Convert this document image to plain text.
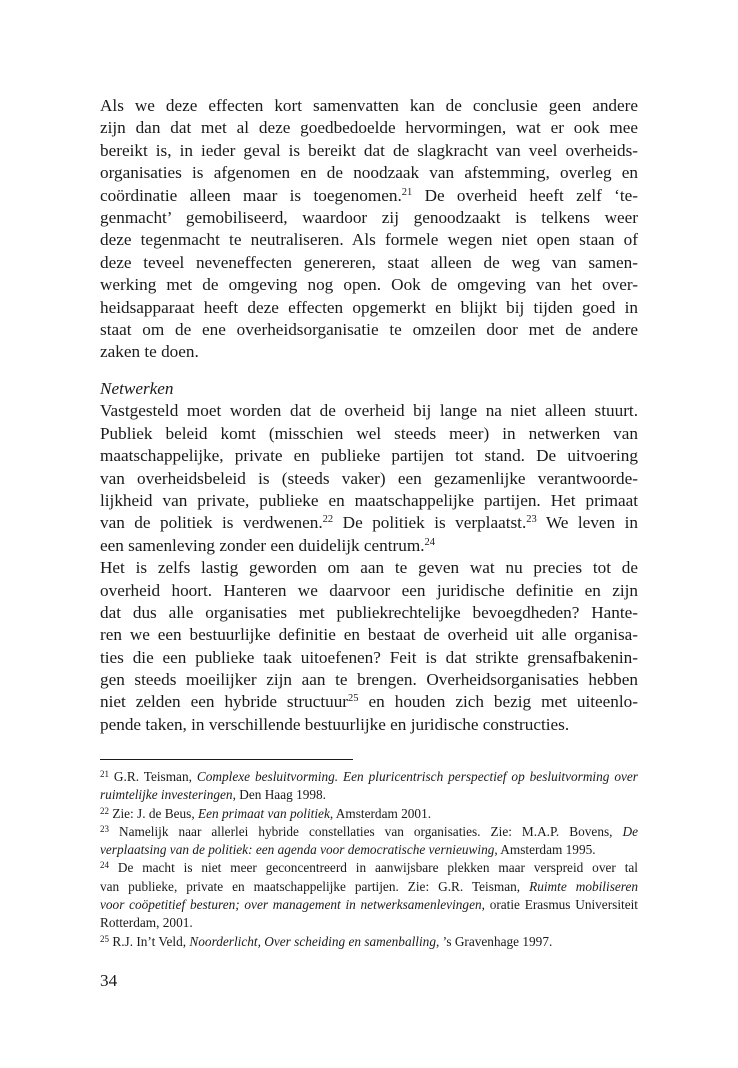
Als we deze effecten kort samenvatten kan de conclusie geen andere
zijn dan dat met al deze goedbedoelde hervormingen, wat er ook mee
bereikt is, in ieder geval is bereikt dat de slagkracht van veel overheids-
organisaties is afgenomen en de noodzaak van afstemming, overleg en
coördinatie alleen maar is toegenomen.$^{21}$ De overheid heeft zelf ‘te-
genmacht’ gemobiliseerd, waardoor zij genoodzaakt is telkens weer
deze tegenmacht te neutraliseren. Als formele wegen niet open staan of
deze teveel neveneffecten genereren, staat alleen de weg van samen-
werking met de omgeving nog open. Ook de omgeving van het over-
heidsapparaat heeft deze effecten opgemerkt en blijkt bij tijden goed in
staat om de ene overheidsorganisatie te omzeilen door met de andere
zaken te doen.
Netwerken
Vastgesteld moet worden dat de overheid bij lange na niet alleen stuurt.
Publiek beleid komt (misschien wel steeds meer) in netwerken van
maatschappelijke, private en publieke partijen tot stand. De uitvoering
van overheidsbeleid is (steeds vaker) een gezamenlijke verantwoorde-
lijkheid van private, publieke en maatschappelijke partijen. Het primaat
van de politiek is verdwenen.$^{22}$ De politiek is verplaatst.$^{23}$ We leven in
een samenleving zonder een duidelijk centrum.$^{24}$
Het is zelfs lastig geworden om aan te geven wat nu precies tot de
overheid hoort. Hanteren we daarvoor een juridische definitie en zijn
dat dus alle organisaties met publiekrechtelijke bevoegdheden? Hante-
ren we een bestuurlijke definitie en bestaat de overheid uit alle organisa-
ties die een publieke taak uitoefenen? Feit is dat strikte grensafbakenin-
gen steeds moeilijker zijn aan te brengen. Overheidsorganisaties hebben
niet zelden een hybride structuur$^{25}$ en houden zich bezig met uiteenlo-
pende taken, in verschillende bestuurlijke en juridische constructies.
$^{21}$ G.R. Teisman, Complexe besluitvorming. Een pluricentrisch perspectief op besluitvorming over
ruimtelijke investeringen, Den Haag 1998.
$^{22}$ Zie: J. de Beus, Een primaat van politiek, Amsterdam 2001.
$^{23}$ Namelijk naar allerlei hybride constellaties van organisaties. Zie: M.A.P. Bovens, De
verplaatsing van de politiek: een agenda voor democratische vernieuwing, Amsterdam 1995.
$^{24}$ De macht is niet meer geconcentreerd in aanwijsbare plekken maar verspreid over tal
van publieke, private en maatschappelijke partijen. Zie: G.R. Teisman, Ruimte mobiliseren
voor coöpetitief besturen; over management in netwerksamenlevingen, oratie Erasmus Universiteit
Rotterdam, 2001.
$^{25}$ R.J. In’t Veld, Noorderlicht, Over scheiding en samenballing, ’s Gravenhage 1997.
34
